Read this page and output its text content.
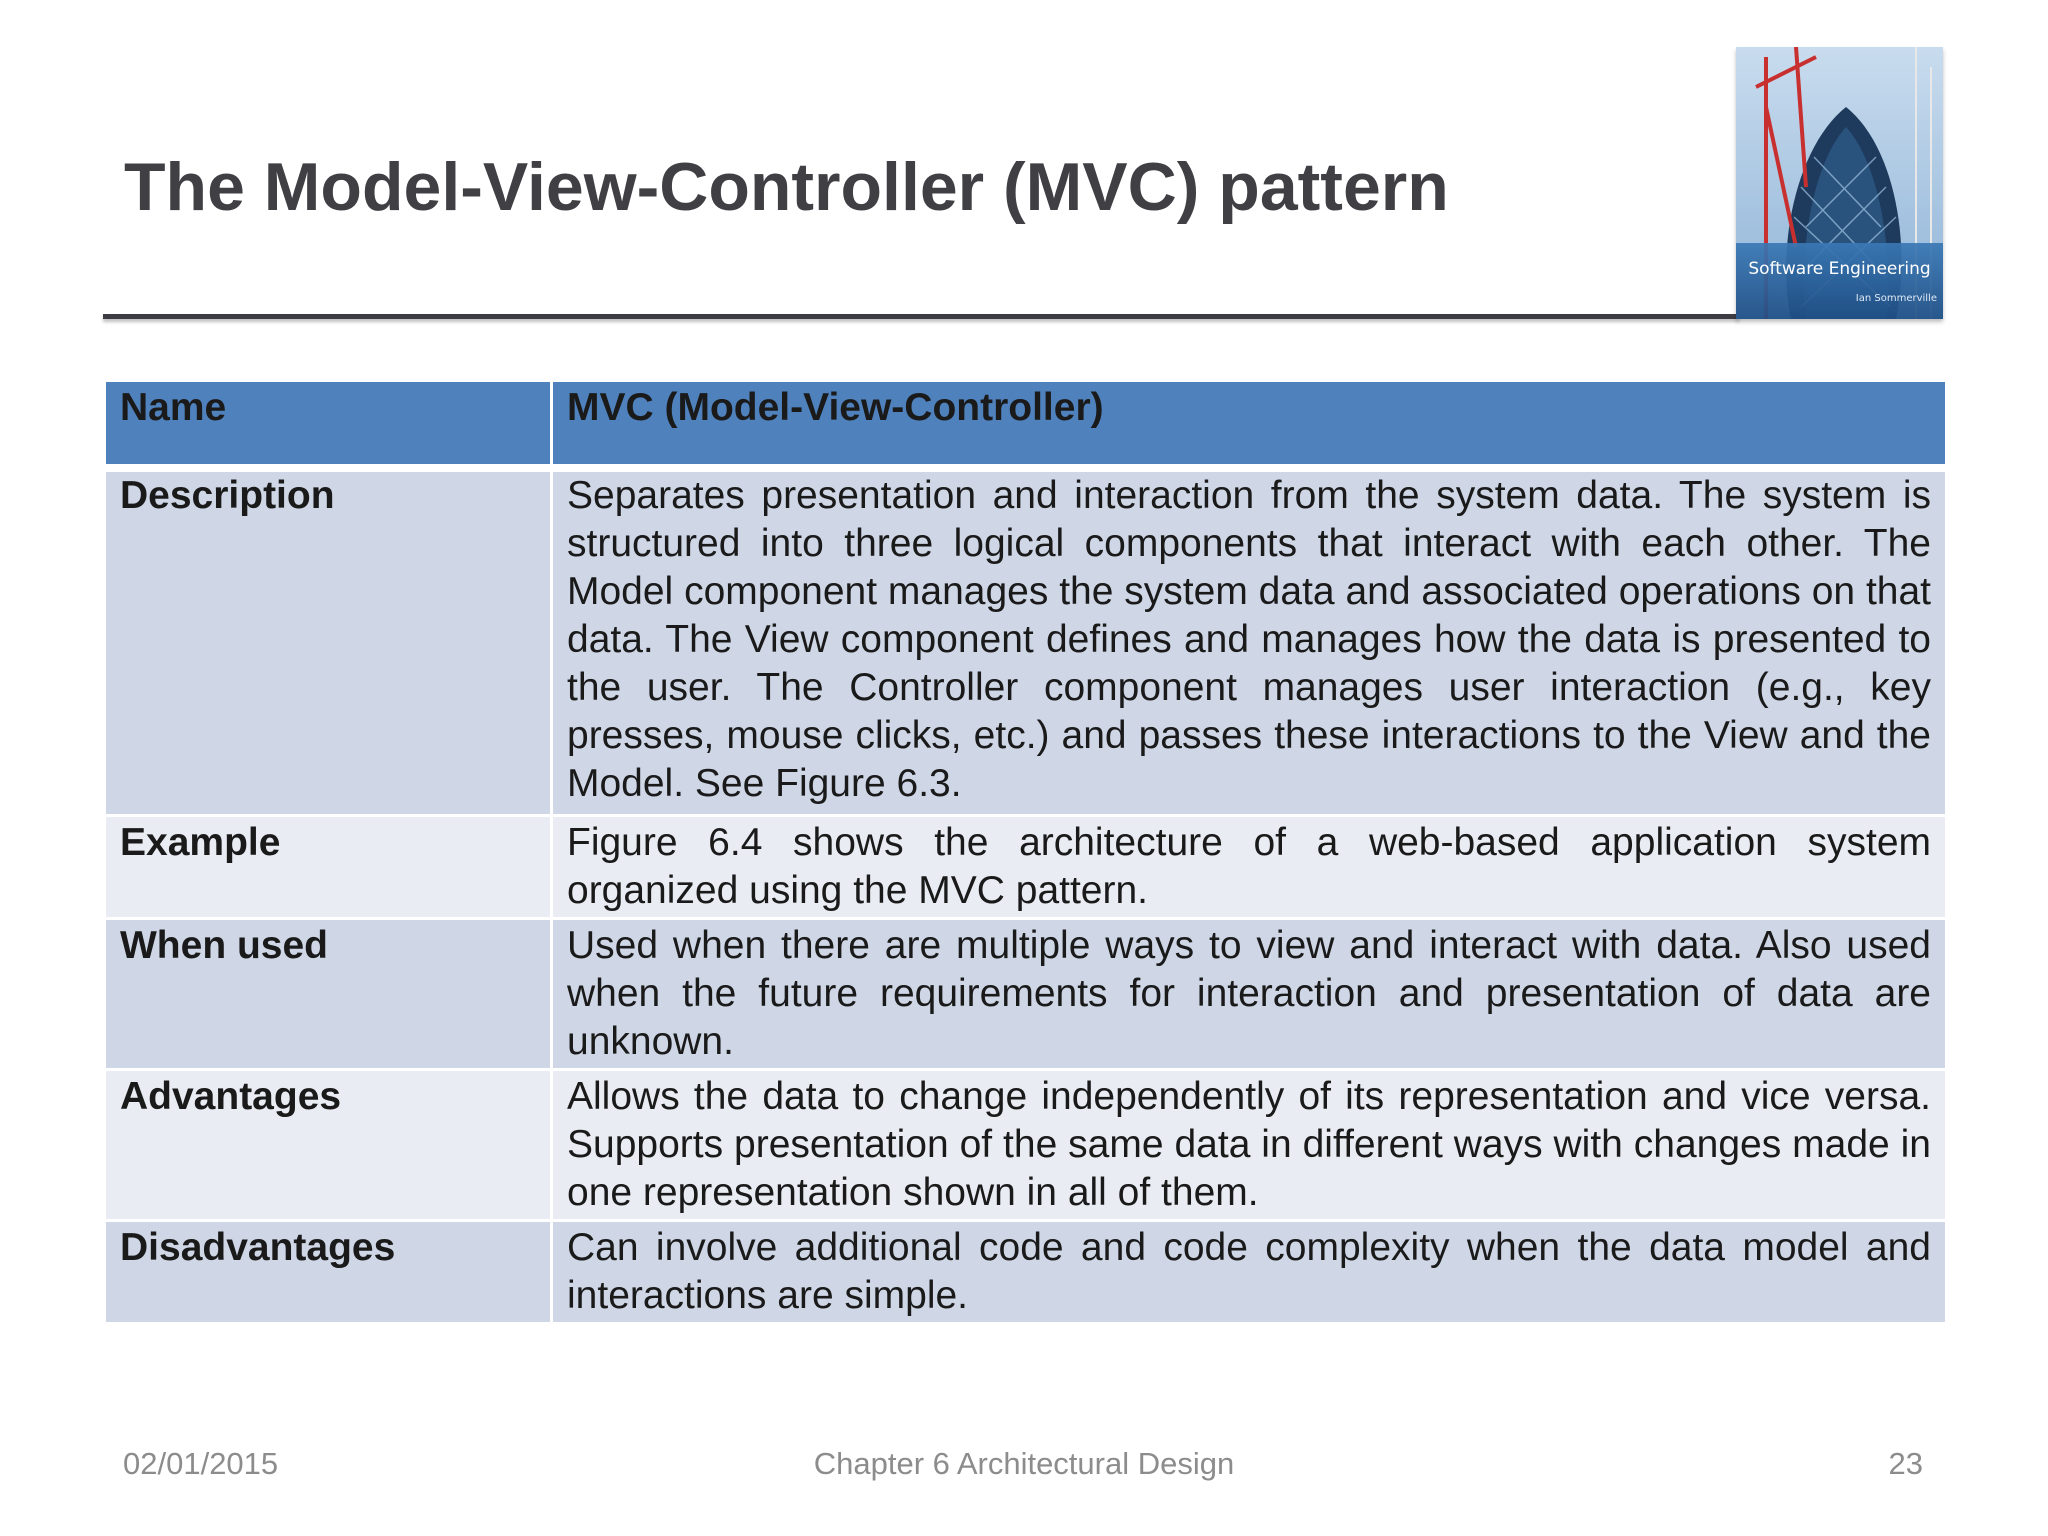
The Model-View-Controller (MVC) pattern
Software Engineering
Ian Sommerville
Name	MVC (Model-View-Controller)
Description	Separates presentation and interaction from the system data. The system is structured into three logical components that interact with each other. The Model component manages the system data and associated operations on that data. The View component defines and manages how the data is presented to the user. The Controller component manages user interaction (e.g., key presses, mouse clicks, etc.) and passes these interactions to the View and the Model. See Figure 6.3.
Example	Figure 6.4 shows the architecture of a web-based application system organized using the MVC pattern.
When used	Used when there are multiple ways to view and interact with data. Also used when the future requirements for interaction and presentation of data are unknown.
Advantages	Allows the data to change independently of its representation and vice versa. Supports presentation of the same data in different ways with changes made in one representation shown in all of them.
Disadvantages	Can involve additional code and code complexity when the data model and interactions are simple.
02/01/2015	Chapter 6 Architectural Design	23
